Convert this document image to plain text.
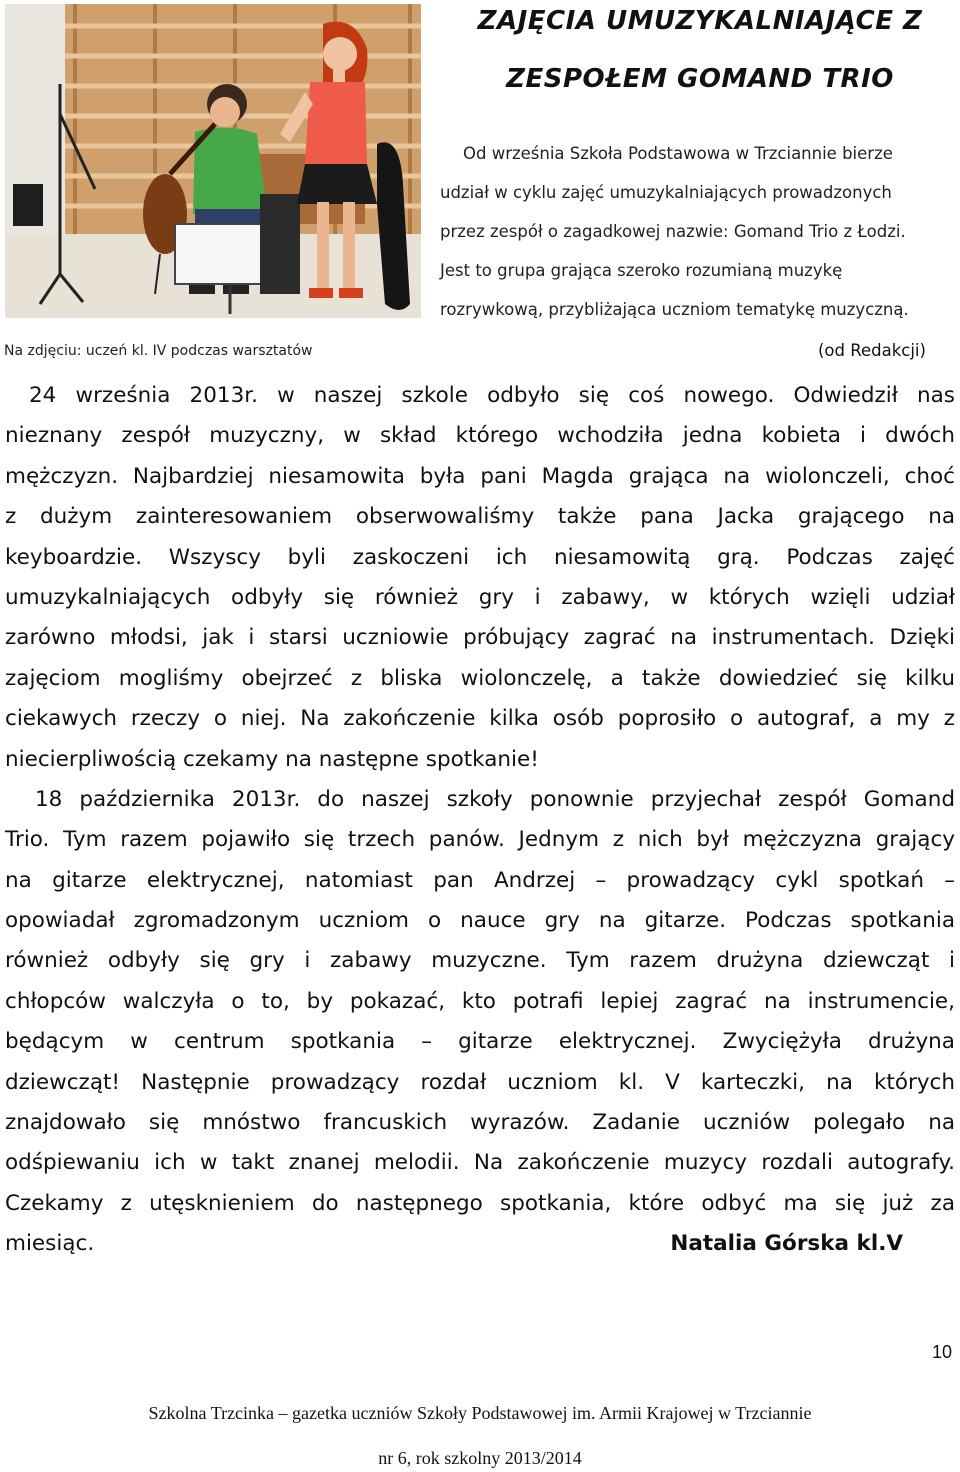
Na zdjęciu: uczeń kl. IV podczas warsztatów
ZAJĘCIA UMUZYKALNIAJĄCE Z
ZESPOŁEM GOMAND TRIO
Od września Szkoła Podstawowa w Trzciannie bierze
udział w cyklu zajęć umuzykalniających prowadzonych
przez zespół o zagadkowej nazwie: Gomand Trio z Łodzi.
Jest to grupa grająca szeroko rozumianą muzykę
rozrywkową, przybliżająca uczniom tematykę muzyczną.
(od Redakcji)
24 września 2013r. w naszej szkole odbyło się coś nowego. Odwiedził nas
nieznany zespół muzyczny, w skład którego wchodziła jedna kobieta i dwóch
mężczyzn. Najbardziej niesamowita była pani Magda grająca na wiolonczeli, choć
z dużym zainteresowaniem obserwowaliśmy także pana Jacka grającego na
keyboardzie. Wszyscy byli zaskoczeni ich niesamowitą grą. Podczas zajęć
umuzykalniających odbyły się również gry i zabawy, w których wzięli udział
zarówno młodsi, jak i starsi uczniowie próbujący zagrać na instrumentach. Dzięki
zajęciom mogliśmy obejrzeć z bliska wiolonczelę, a także dowiedzieć się kilku
ciekawych rzeczy o niej. Na zakończenie kilka osób poprosiło o autograf, a my z
niecierpliwością czekamy na następne spotkanie!
18 października 2013r. do naszej szkoły ponownie przyjechał zespół Gomand
Trio. Tym razem pojawiło się trzech panów. Jednym z nich był mężczyzna grający
na gitarze elektrycznej, natomiast pan Andrzej – prowadzący cykl spotkań –
opowiadał zgromadzonym uczniom o nauce gry na gitarze. Podczas spotkania
również odbyły się gry i zabawy muzyczne. Tym razem drużyna dziewcząt i
chłopców walczyła o to, by pokazać, kto potrafi lepiej zagrać na instrumencie,
będącym w centrum spotkania – gitarze elektrycznej. Zwyciężyła drużyna
dziewcząt! Następnie prowadzący rozdał uczniom kl. V karteczki, na których
znajdowało się mnóstwo francuskich wyrazów. Zadanie uczniów polegało na
odśpiewaniu ich w takt znanej melodii. Na zakończenie muzycy rozdali autografy.
Czekamy z utęsknieniem do następnego spotkania, które odbyć ma się już za
miesiąc.	Natalia Górska kl.V
10
Szkolna Trzcinka – gazetka uczniów Szkoły Podstawowej im. Armii Krajowej w Trzciannie
nr 6, rok szkolny 2013/2014
